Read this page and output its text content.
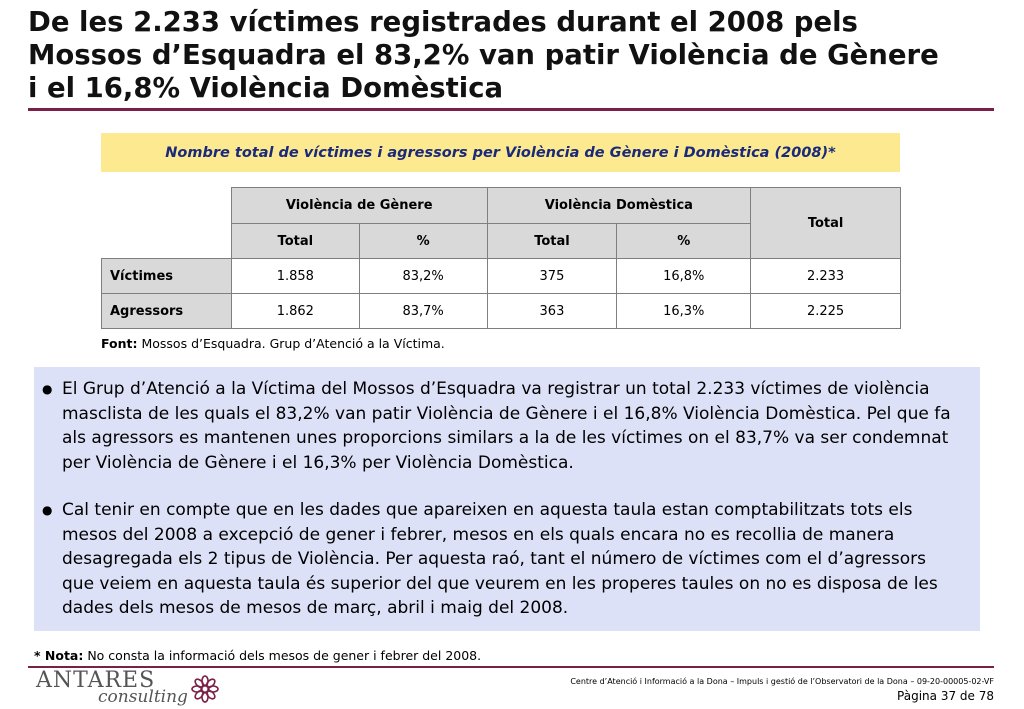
De les 2.233 víctimes registrades durant el 2008 pels
Mossos d’Esquadra el 83,2% van patir Violència de Gènere
i el 16,8% Violència Domèstica
Nombre total de víctimes i agressors per Violència de Gènere i Domèstica (2008)*
	Violència de Gènere		Violència Domèstica		Total
	Total	%	Total	%	
Víctimes	1.858	83,2%	375	16,8%	2.233
Agressors	1.862	83,7%	363	16,3%	2.225
Font: Mossos d’Esquadra. Grup d’Atenció a la Víctima.
● El Grup d’Atenció a la Víctima del Mossos d’Esquadra va registrar un total 2.233 víctimes de violència masclista de les quals el 83,2% van patir Violència de Gènere i el 16,8% Violència Domèstica. Pel que fa als agressors es mantenen unes proporcions similars a la de les víctimes on el 83,7% va ser condemnat per Violència de Gènere i el 16,3% per Violència Domèstica.
● Cal tenir en compte que en les dades que apareixen en aquesta taula estan comptabilitzats tots els mesos del 2008 a excepció de gener i febrer, mesos en els quals encara no es recollia de manera desagregada els 2 tipus de Violència. Per aquesta raó, tant el número de víctimes com el d’agressors que veiem en aquesta taula és superior del que veurem en les properes taules on no es disposa de les dades dels mesos de mesos de març, abril i maig del 2008.
* Nota: No consta la informació dels mesos de gener i febrer del 2008.
ANTARES
consulting
Centre d’Atenció i Informació a la Dona – Impuls i gestió de l’Observatori de la Dona – 09-20-00005-02-VF
Pàgina 37 de 78
